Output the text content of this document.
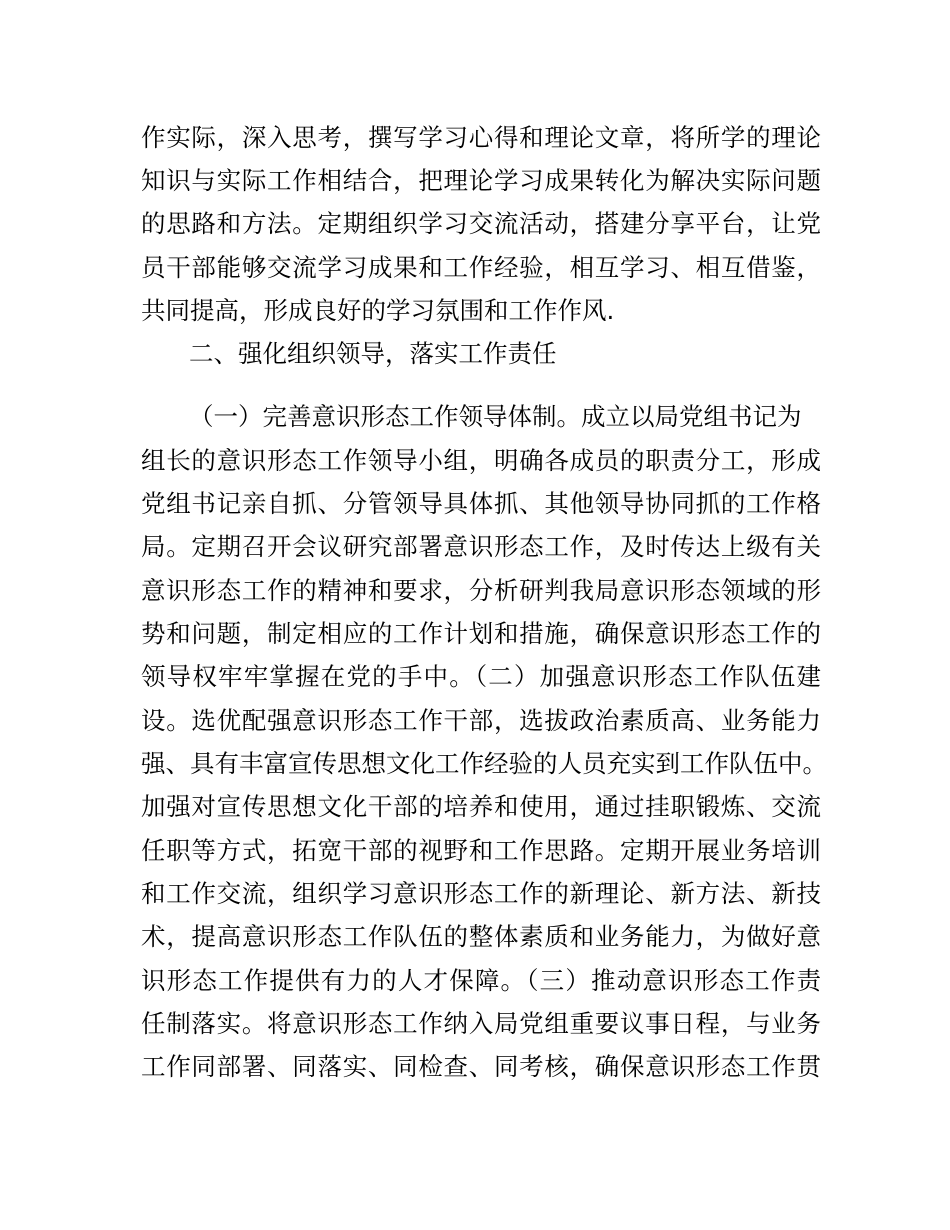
作实际，深入思考，撰写学习心得和理论文章，将所学的理论
知识与实际工作相结合，把理论学习成果转化为解决实际问题
的思路和方法。定期组织学习交流活动，搭建分享平台，让党
员干部能够交流学习成果和工作经验，相互学习、相互借鉴，
共同提高，形成良好的学习氛围和工作作风.
二、强化组织领导，落实工作责任
（一）完善意识形态工作领导体制。成立以局党组书记为
组长的意识形态工作领导小组，明确各成员的职责分工，形成
党组书记亲自抓、分管领导具体抓、其他领导协同抓的工作格
局。定期召开会议研究部署意识形态工作，及时传达上级有关
意识形态工作的精神和要求，分析研判我局意识形态领域的形
势和问题，制定相应的工作计划和措施，确保意识形态工作的
领导权牢牢掌握在党的手中。（二）加强意识形态工作队伍建
设。选优配强意识形态工作干部，选拔政治素质高、业务能力
强、具有丰富宣传思想文化工作经验的人员充实到工作队伍中。
加强对宣传思想文化干部的培养和使用，通过挂职锻炼、交流
任职等方式，拓宽干部的视野和工作思路。定期开展业务培训
和工作交流，组织学习意识形态工作的新理论、新方法、新技
术，提高意识形态工作队伍的整体素质和业务能力，为做好意
识形态工作提供有力的人才保障。（三）推动意识形态工作责
任制落实。将意识形态工作纳入局党组重要议事日程，与业务
工作同部署、同落实、同检查、同考核，确保意识形态工作贯
